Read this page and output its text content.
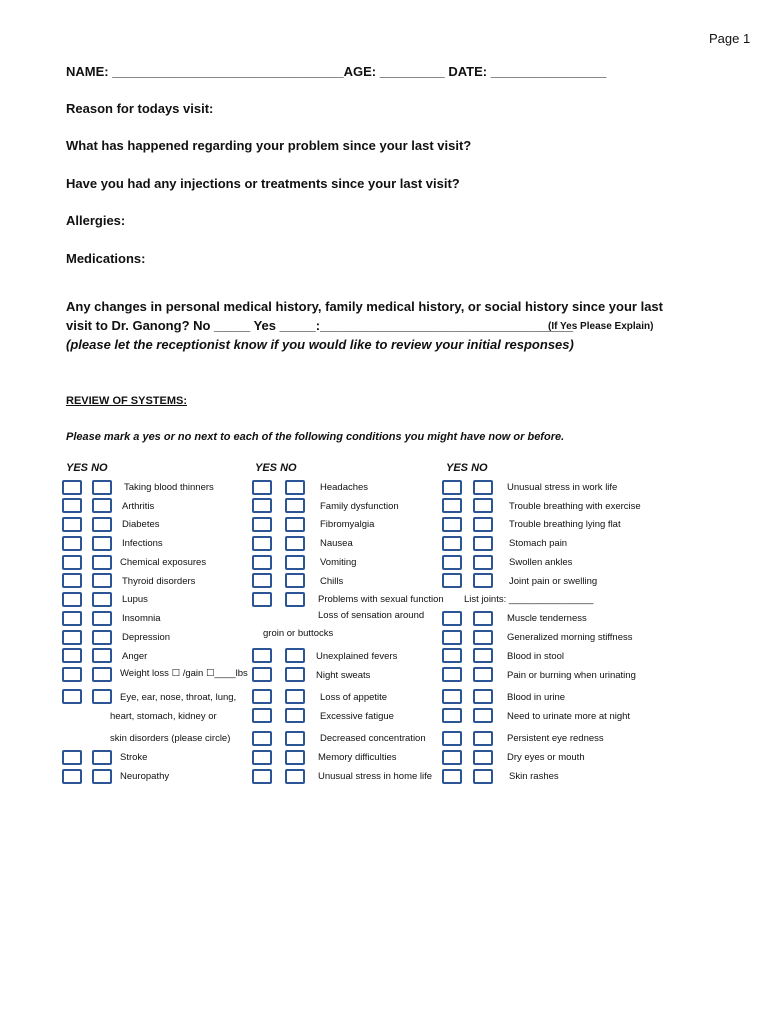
Page 1
NAME: ________________________________AGE: _________ DATE: ________________
Reason for todays visit:
What has happened regarding your problem since your last visit?
Have you had any injections or treatments since your last visit?
Allergies:
Medications:
Any changes in personal medical history, family medical history, or social history since your last
visit to Dr. Ganong? No _____ Yes _____:___________________________________
(If Yes Please Explain)
(please let the receptionist know if you would like to review your initial responses)
REVIEW OF SYSTEMS:
Please mark a yes or no next to each of the following conditions you might have now or before.
YES NO	YES NO	YES NO
Taking blood thinners
Arthritis
Diabetes
Infections
Chemical exposures
Thyroid disorders
Lupus
Insomnia
Depression
Anger
Weight loss ☐ /gain ☐____lbs
Eye, ear, nose, throat, lung,
heart, stomach, kidney or
skin disorders (please circle)
Stroke
Neuropathy
Headaches
Family dysfunction
Fibromyalgia
Nausea
Vomiting
Chills
Problems with sexual function
Loss of sensation around
groin or buttocks
Unexplained fevers
Night sweats
Loss of appetite
Excessive fatigue
Decreased concentration
Memory difficulties
Unusual stress in home life
Unusual stress in work life
Trouble breathing with exercise
Trouble breathing lying flat
Stomach pain
Swollen ankles
Joint pain or swelling
List joints: ________________
Muscle tenderness
Generalized morning stiffness
Blood in stool
Pain or burning when urinating
Blood in urine
Need to urinate more at night
Persistent eye redness
Dry eyes or mouth
Skin rashes
